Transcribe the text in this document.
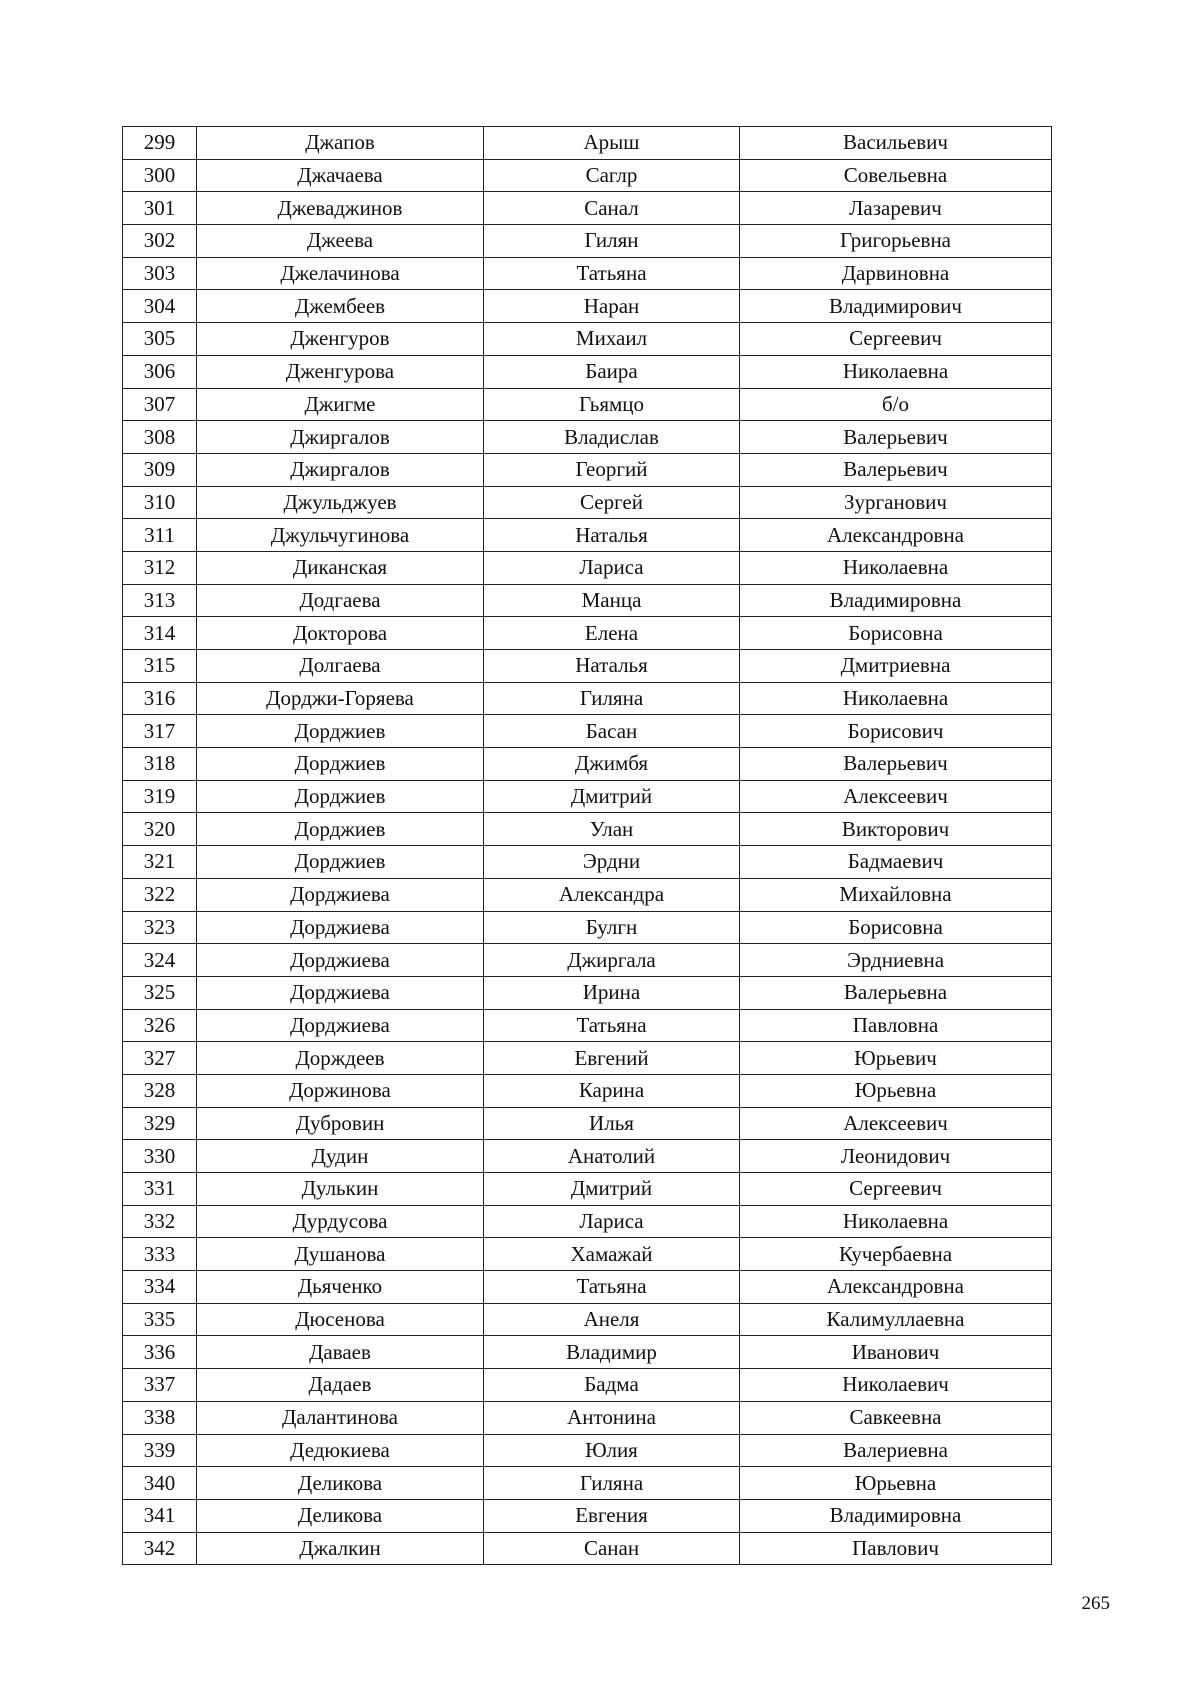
299	Джапов	Арыш	Васильевич
300	Джачаева	Саглр	Совельевна
301	Джеваджинов	Санал	Лазаревич
302	Джеева	Гилян	Григорьевна
303	Джелачинова	Татьяна	Дарвиновна
304	Джембеев	Наран	Владимирович
305	Дженгуров	Михаил	Сергеевич
306	Дженгурова	Баира	Николаевна
307	Джигме	Гьямцо	б/о
308	Джиргалов	Владислав	Валерьевич
309	Джиргалов	Георгий	Валерьевич
310	Джульджуев	Сергей	Зурганович
311	Джульчугинова	Наталья	Александровна
312	Диканская	Лариса	Николаевна
313	Додгаева	Манца	Владимировна
314	Докторова	Елена	Борисовна
315	Долгаева	Наталья	Дмитриевна
316	Дорджи-Горяева	Гиляна	Николаевна
317	Дорджиев	Басан	Борисович
318	Дорджиев	Джимбя	Валерьевич
319	Дорджиев	Дмитрий	Алексеевич
320	Дорджиев	Улан	Викторович
321	Дорджиев	Эрдни	Бадмаевич
322	Дорджиева	Александра	Михайловна
323	Дорджиева	Булгн	Борисовна
324	Дорджиева	Джиргала	Эрдниевна
325	Дорджиева	Ирина	Валерьевна
326	Дорджиева	Татьяна	Павловна
327	Дорждеев	Евгений	Юрьевич
328	Доржинова	Карина	Юрьевна
329	Дубровин	Илья	Алексеевич
330	Дудин	Анатолий	Леонидович
331	Дулькин	Дмитрий	Сергеевич
332	Дурдусова	Лариса	Николаевна
333	Душанова	Хамажай	Кучербаевна
334	Дьяченко	Татьяна	Александровна
335	Дюсенова	Анеля	Калимуллаевна
336	Даваев	Владимир	Иванович
337	Дадаев	Бадма	Николаевич
338	Далантинова	Антонина	Савкеевна
339	Дедюкиева	Юлия	Валериевна
340	Деликова	Гиляна	Юрьевна
341	Деликова	Евгения	Владимировна
342	Джалкин	Санан	Павлович
265
